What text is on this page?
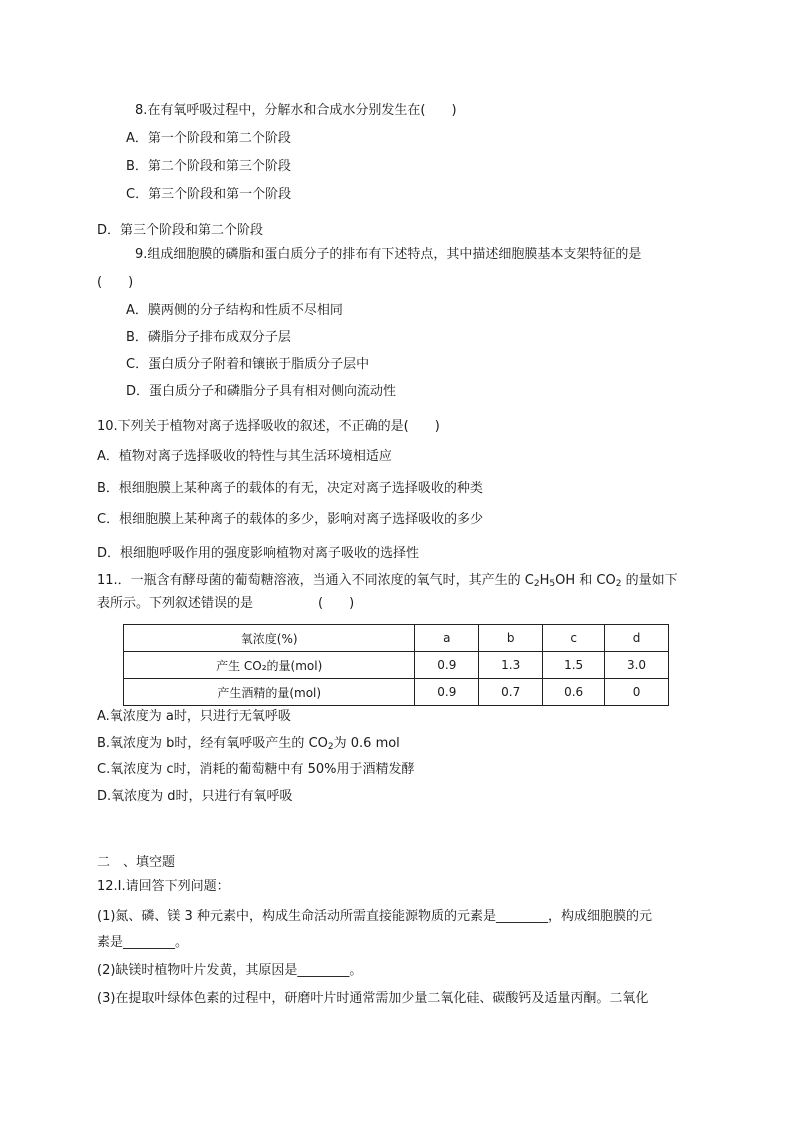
8.在有氧呼吸过程中，分解水和合成水分别发生在(　　)
A．第一个阶段和第二个阶段
B．第二个阶段和第三个阶段
C．第三个阶段和第一个阶段
D．第三个阶段和第二个阶段
9.组成细胞膜的磷脂和蛋白质分子的排布有下述特点，其中描述细胞膜基本支架特征的是
(　　)
A．膜两侧的分子结构和性质不尽相同
B．磷脂分子排布成双分子层
C．蛋白质分子附着和镶嵌于脂质分子层中
D．蛋白质分子和磷脂分子具有相对侧向流动性
10.下列关于植物对离子选择吸收的叙述，不正确的是(　　)
A．植物对离子选择吸收的特性与其生活环境相适应
B．根细胞膜上某种离子的载体的有无，决定对离子选择吸收的种类
C．根细胞膜上某种离子的载体的多少，影响对离子选择吸收的多少
D．根细胞呼吸作用的强度影响植物对离子吸收的选择性
11.．一瓶含有酵母菌的葡萄糖溶液，当通入不同浓度的氧气时，其产生的 $C_2H_5OH$ 和 $CO_2$ 的量如下
表所示。下列叙述错误的是　　　　　(　　)
氧浓度(%)	a	b	c	d
产生 CO₂的量(mol)	0.9	1.3	1.5	3.0
产生酒精的量(mol)	0.9	0.7	0.6	0
A.氧浓度为 a时，只进行无氧呼吸
B.氧浓度为 b时，经有氧呼吸产生的 $CO_2$为 0.6 mol
C.氧浓度为 c时，消耗的葡萄糖中有 50%用于酒精发酵
D.氧浓度为 d时，只进行有氧呼吸
二　、填空题
12.Ⅰ.请回答下列问题：
(1)氮、磷、镁 3 种元素中，构成生命活动所需直接能源物质的元素是________，构成细胞膜的元
素是________。
(2)缺镁时植物叶片发黄，其原因是________。
(3)在提取叶绿体色素的过程中，研磨叶片时通常需加少量二氧化硅、碳酸钙及适量丙酮。二氧化
